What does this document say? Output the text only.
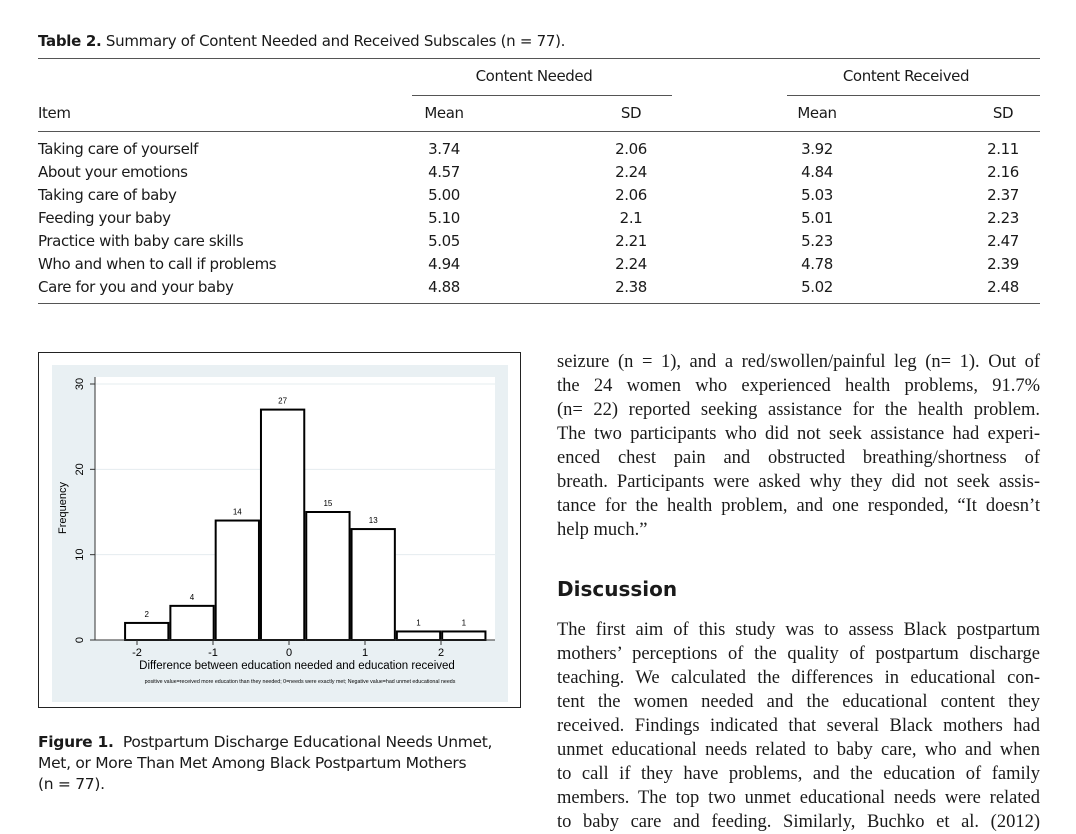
Table 2. Summary of Content Needed and Received Subscales (n = 77).
Content Needed	Content Received
Item	Mean	SD	Mean	SD
Taking care of yourself	3.74	2.06	3.92	2.11
About your emotions	4.57	2.24	4.84	2.16
Taking care of baby	5.00	2.06	5.03	2.37
Feeding your baby	5.10	2.1	5.01	2.23
Practice with baby care skills	5.05	2.21	5.23	2.47
Who and when to call if problems	4.94	2.24	4.78	2.39
Care for you and your baby	4.88	2.38	5.02	2.48
0
10
20
30
Frequency
2
4
14
27
15
13
1	1
-2	-1	0	1	2
Difference between education needed and education received
positive value=received more education than they needed; 0=needs were exactly met; Negative value=had unmet educational needs
Figure 1. Postpartum Discharge Educational Needs Unmet,
Met, or More Than Met Among Black Postpartum Mothers
(n = 77).
seizure (n = 1), and a red/swollen/painful leg (n= 1). Out of
the 24 women who experienced health problems, 91.7%
(n= 22) reported seeking assistance for the health problem.
The two participants who did not seek assistance had experi-
enced chest pain and obstructed breathing/shortness of
breath. Participants were asked why they did not seek assis-
tance for the health problem, and one responded, “It doesn’t
help much.”
Discussion
The first aim of this study was to assess Black postpartum
mothers’ perceptions of the quality of postpartum discharge
teaching. We calculated the differences in educational con-
tent the women needed and the educational content they
received. Findings indicated that several Black mothers had
unmet educational needs related to baby care, who and when
to call if they have problems, and the education of family
members. The top two unmet educational needs were related
to baby care and feeding. Similarly, Buchko et al. (2012)
